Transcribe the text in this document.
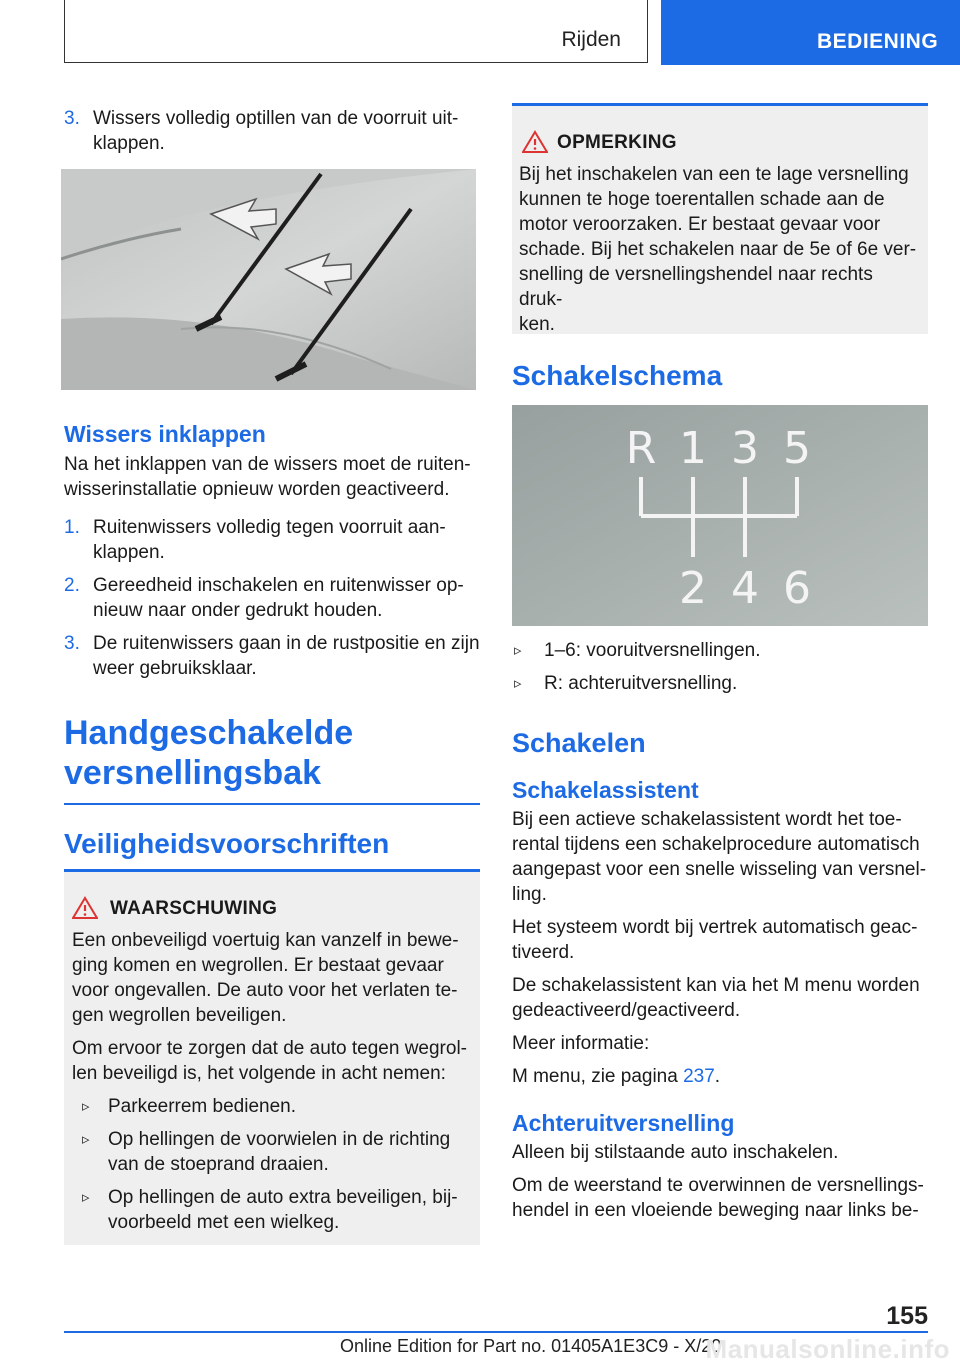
Rijden	BEDIENING
3. Wissers volledig optillen van de voorruit uit-
klappen.
Wissers inklappen

Na het inklappen van de wissers moet de ruiten-
wisserinstallatie opnieuw worden geactiveerd.

1. Ruitenwissers volledig tegen voorruit aan-
klappen.
2. Gereedheid inschakelen en ruitenwisser op-
nieuw naar onder gedrukt houden.
3. De ruitenwissers gaan in de rustpositie en zijn
weer gebruiksklaar.
Handgeschakelde
versnellingsbak
Veiligheidsvoorschriften
WAARSCHUWING

Een onbeveiligd voertuig kan vanzelf in bewe-
ging komen en wegrollen. Er bestaat gevaar
voor ongevallen. De auto voor het verlaten te-
gen wegrollen beveiligen.

Om ervoor te zorgen dat de auto tegen wegrol-
len beveiligd is, het volgende in acht nemen:

▹ Parkeerrem bedienen.
▹ Op hellingen de voorwielen in de richting
van de stoeprand draaien.
▹ Op hellingen de auto extra beveiligen, bij-
voorbeeld met een wielkeg.
OPMERKING

Bij het inschakelen van een te lage versnelling
kunnen te hoge toerentallen schade aan de
motor veroorzaken. Er bestaat gevaar voor
schade. Bij het schakelen naar de 5e of 6e ver-
snelling de versnellingshendel naar rechts druk-
ken.

Schakelschema
R 1 3 5
2 4 6
▹ 1–6: vooruitversnellingen.
▹ R: achteruitversnelling.
Schakelen
Schakelassistent

Bij een actieve schakelassistent wordt het toe-
rental tijdens een schakelprocedure automatisch
aangepast voor een snelle wisseling van versnel-
ling.

Het systeem wordt bij vertrek automatisch geac-
tiveerd.

De schakelassistent kan via het M menu worden
gedeactiveerd/geactiveerd.

Meer informatie:

M menu, zie pagina 237.

Achteruitversnelling

Alleen bij stilstaande auto inschakelen.

Om de weerstand te overwinnen de versnellings-
hendel in een vloeiende beweging naar links be-

155
Online Edition for Part no. 01405A1E3C9 - X/20
Manualsonline.info
